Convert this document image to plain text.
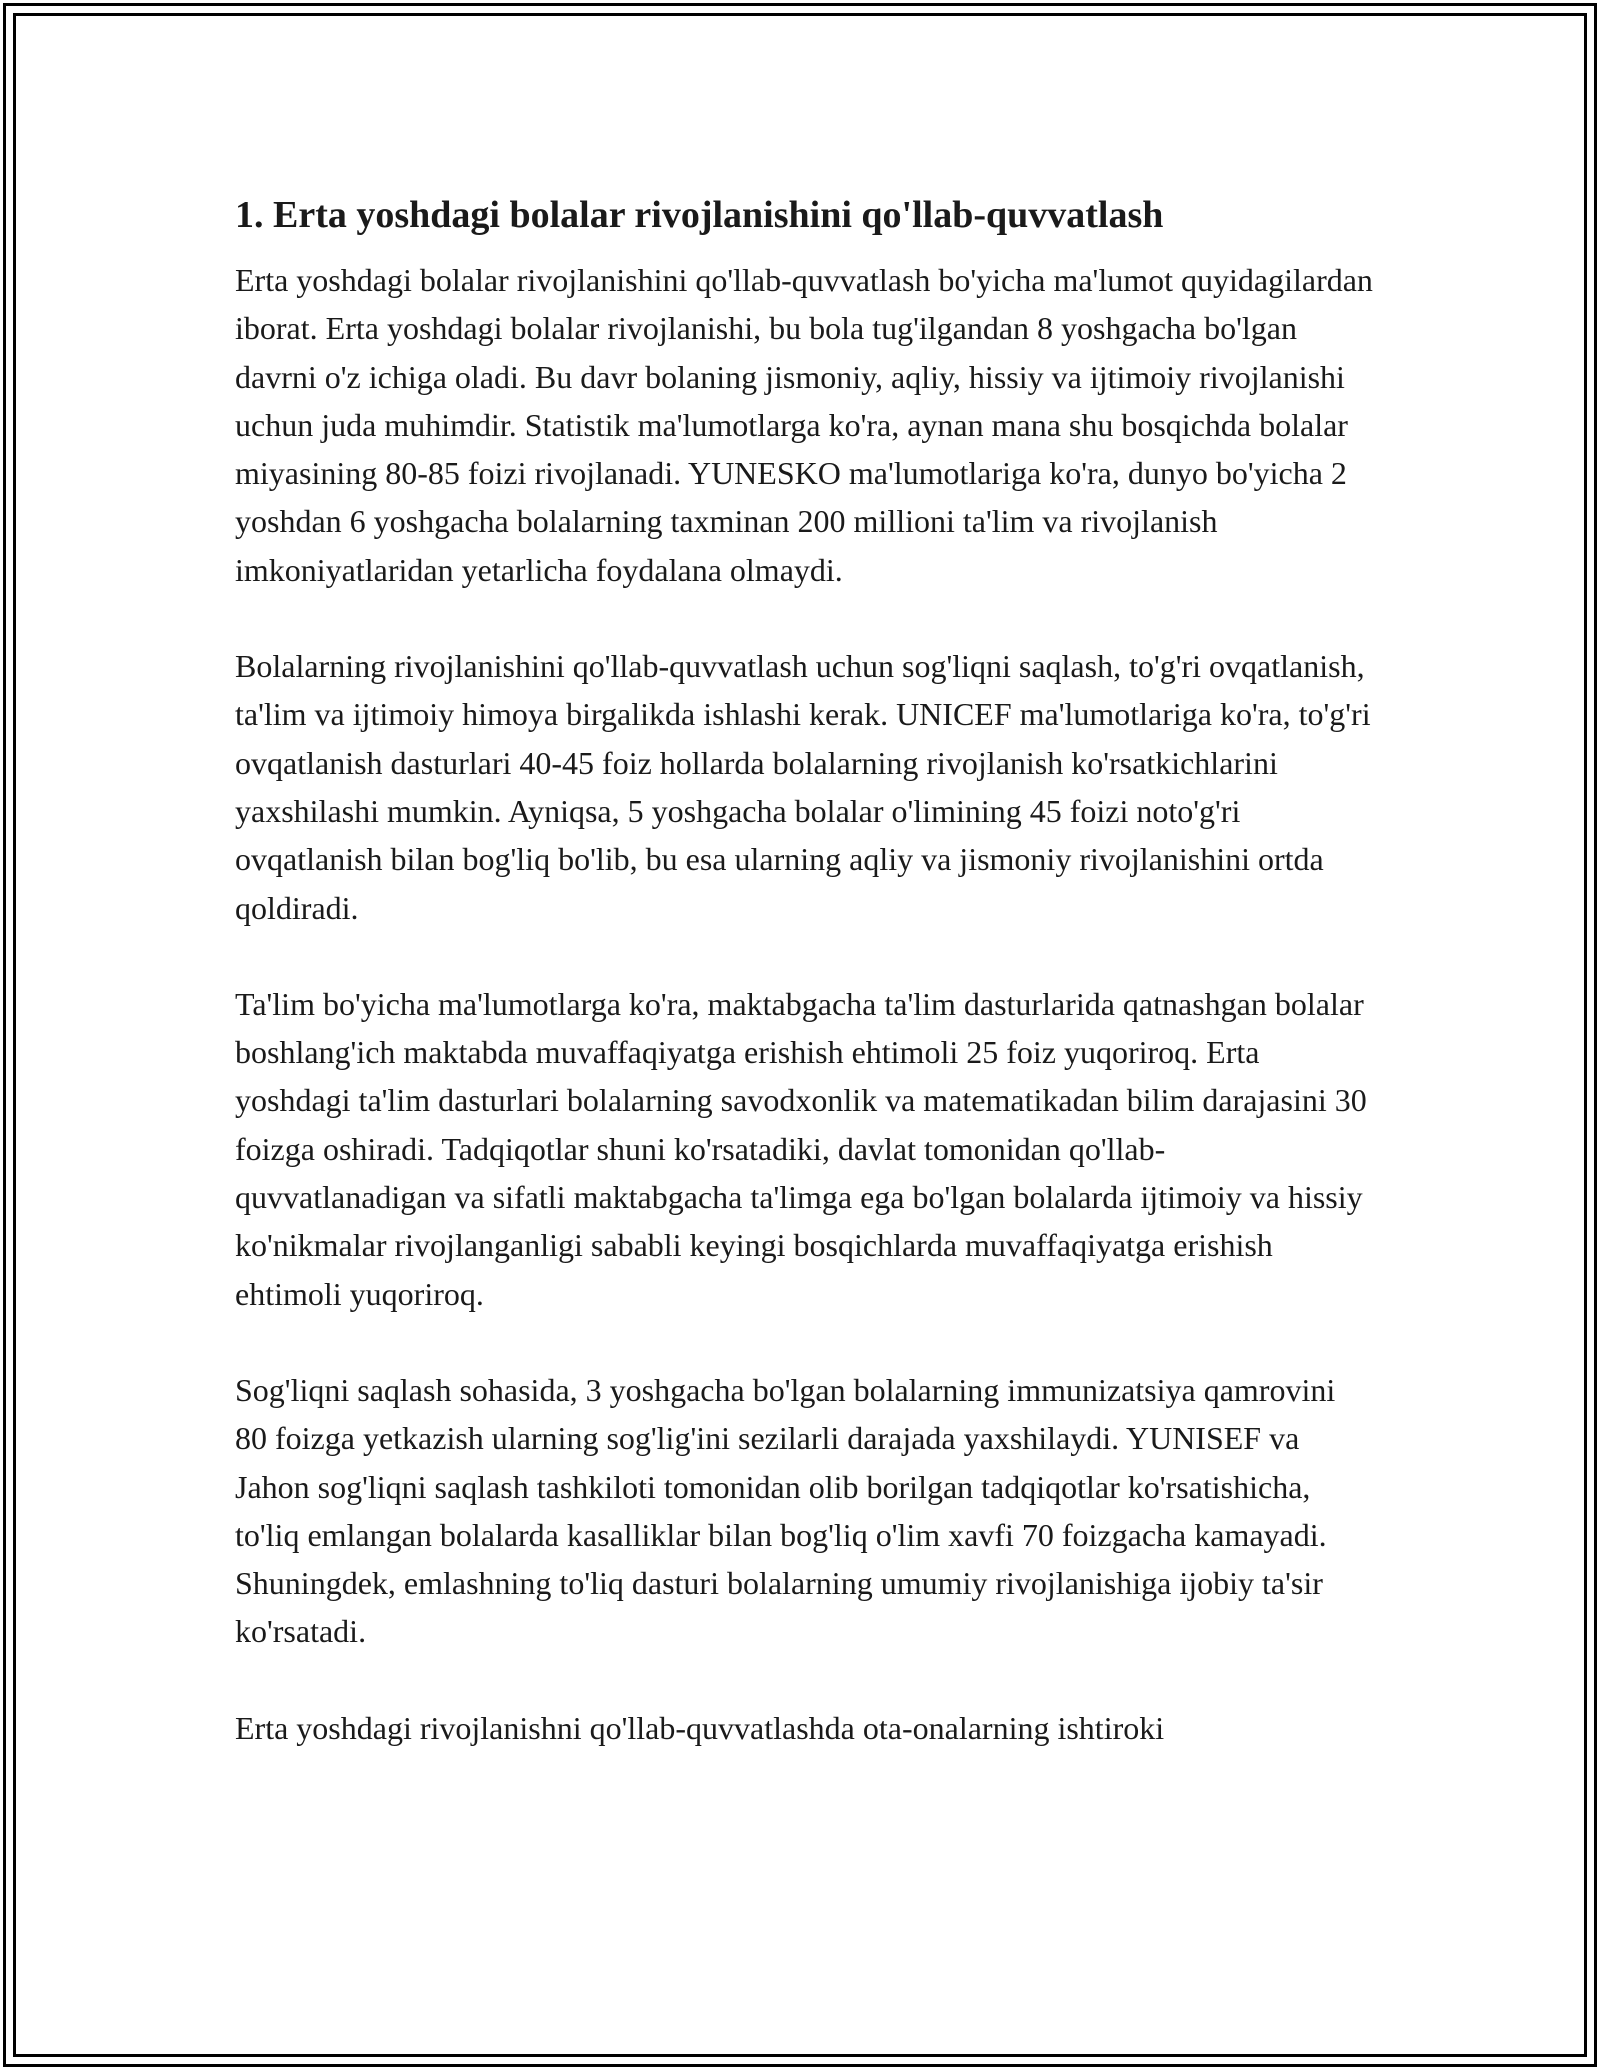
1. Erta yoshdagi bolalar rivojlanishini qo'llab-quvvatlash

Erta yoshdagi bolalar rivojlanishini qo'llab-quvvatlash bo'yicha ma'lumot quyidagilardan iborat. Erta yoshdagi bolalar rivojlanishi, bu bola tug'ilgandan 8 yoshgacha bo'lgan davrni o'z ichiga oladi. Bu davr bolaning jismoniy, aqliy, hissiy va ijtimoiy rivojlanishi uchun juda muhimdir. Statistik ma'lumotlarga ko'ra, aynan mana shu bosqichda bolalar miyasining 80-85 foizi rivojlanadi. YUNESKO ma'lumotlariga ko'ra, dunyo bo'yicha 2 yoshdan 6 yoshgacha bolalarning taxminan 200 millioni ta'lim va rivojlanish imkoniyatlaridan yetarlicha foydalana olmaydi.

Bolalarning rivojlanishini qo'llab-quvvatlash uchun sog'liqni saqlash, to'g'ri ovqatlanish, ta'lim va ijtimoiy himoya birgalikda ishlashi kerak. UNICEF ma'lumotlariga ko'ra, to'g'ri ovqatlanish dasturlari 40-45 foiz hollarda bolalarning rivojlanish ko'rsatkichlarini yaxshilashi mumkin. Ayniqsa, 5 yoshgacha bolalar o'limining 45 foizi noto'g'ri ovqatlanish bilan bog'liq bo'lib, bu esa ularning aqliy va jismoniy rivojlanishini ortda qoldiradi.

Ta'lim bo'yicha ma'lumotlarga ko'ra, maktabgacha ta'lim dasturlarida qatnashgan bolalar boshlang'ich maktabda muvaffaqiyatga erishish ehtimoli 25 foiz yuqoriroq. Erta yoshdagi ta'lim dasturlari bolalarning savodxonlik va matematikadan bilim darajasini 30 foizga oshiradi. Tadqiqotlar shuni ko'rsatadiki, davlat tomonidan qo'llab-quvvatlanadigan va sifatli maktabgacha ta'limga ega bo'lgan bolalarda ijtimoiy va hissiy ko'nikmalar rivojlanganligi sababli keyingi bosqichlarda muvaffaqiyatga erishish ehtimoli yuqoriroq.

Sog'liqni saqlash sohasida, 3 yoshgacha bo'lgan bolalarning immunizatsiya qamrovini 80 foizga yetkazish ularning sog'lig'ini sezilarli darajada yaxshilaydi. YUNISEF va Jahon sog'liqni saqlash tashkiloti tomonidan olib borilgan tadqiqotlar ko'rsatishicha, to'liq emlangan bolalarda kasalliklar bilan bog'liq o'lim xavfi 70 foizgacha kamayadi. Shuningdek, emlashning to'liq dasturi bolalarning umumiy rivojlanishiga ijobiy ta'sir ko'rsatadi.

Erta yoshdagi rivojlanishni qo'llab-quvvatlashda ota-onalarning ishtiroki
